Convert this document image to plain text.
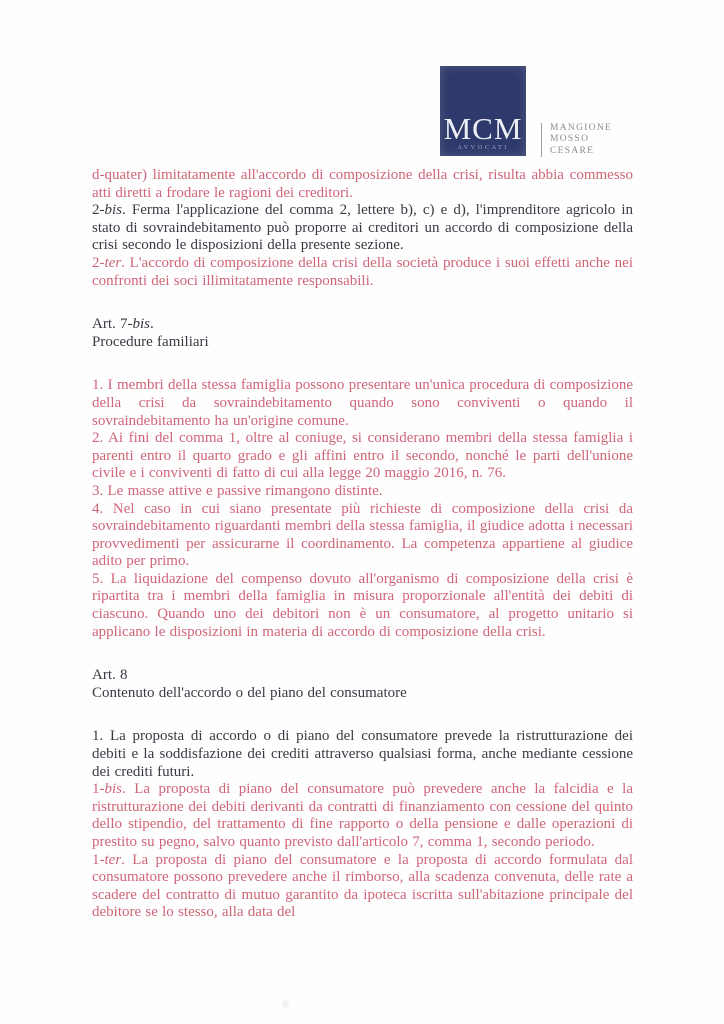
MCM
AVVOCATI
MANGIONE
MOSSO
CESARE

d-quater) limitatamente all'accordo di composizione della crisi, risulta abbia commesso atti diretti a frodare le ragioni dei creditori.

2-bis. Ferma l'applicazione del comma 2, lettere b), c) e d), l'imprenditore agricolo in stato di sovraindebitamento può proporre ai creditori un accordo di composizione della crisi secondo le disposizioni della presente sezione.

2-ter. L'accordo di composizione della crisi della società produce i suoi effetti anche nei confronti dei soci illimitatamente responsabili.

Art. 7-bis.

Procedure familiari

1. I membri della stessa famiglia possono presentare un'unica procedura di composizione della crisi da sovraindebitamento quando sono conviventi o quando il sovraindebitamento ha un'origine comune.

2. Ai fini del comma 1, oltre al coniuge, si considerano membri della stessa famiglia i parenti entro il quarto grado e gli affini entro il secondo, nonché le parti dell'unione civile e i conviventi di fatto di cui alla legge 20 maggio 2016, n. 76.

3. Le masse attive e passive rimangono distinte.

4. Nel caso in cui siano presentate più richieste di composizione della crisi da sovraindebitamento riguardanti membri della stessa famiglia, il giudice adotta i necessari provvedimenti per assicurarne il coordinamento. La competenza appartiene al giudice adito per primo.

5. La liquidazione del compenso dovuto all'organismo di composizione della crisi è ripartita tra i membri della famiglia in misura proporzionale all'entità dei debiti di ciascuno. Quando uno dei debitori non è un consumatore, al progetto unitario si applicano le disposizioni in materia di accordo di composizione della crisi.

Art. 8

Contenuto dell'accordo o del piano del consumatore

1. La proposta di accordo o di piano del consumatore prevede la ristrutturazione dei debiti e la soddisfazione dei crediti attraverso qualsiasi forma, anche mediante cessione dei crediti futuri.

1-bis. La proposta di piano del consumatore può prevedere anche la falcidia e la ristrutturazione dei debiti derivanti da contratti di finanziamento con cessione del quinto dello stipendio, del trattamento di fine rapporto o della pensione e dalle operazioni di prestito su pegno, salvo quanto previsto dall'articolo 7, comma 1, secondo periodo.

1-ter. La proposta di piano del consumatore e la proposta di accordo formulata dal consumatore possono prevedere anche il rimborso, alla scadenza convenuta, delle rate a scadere del contratto di mutuo garantito da ipoteca iscritta sull'abitazione principale del debitore se lo stesso, alla data del
